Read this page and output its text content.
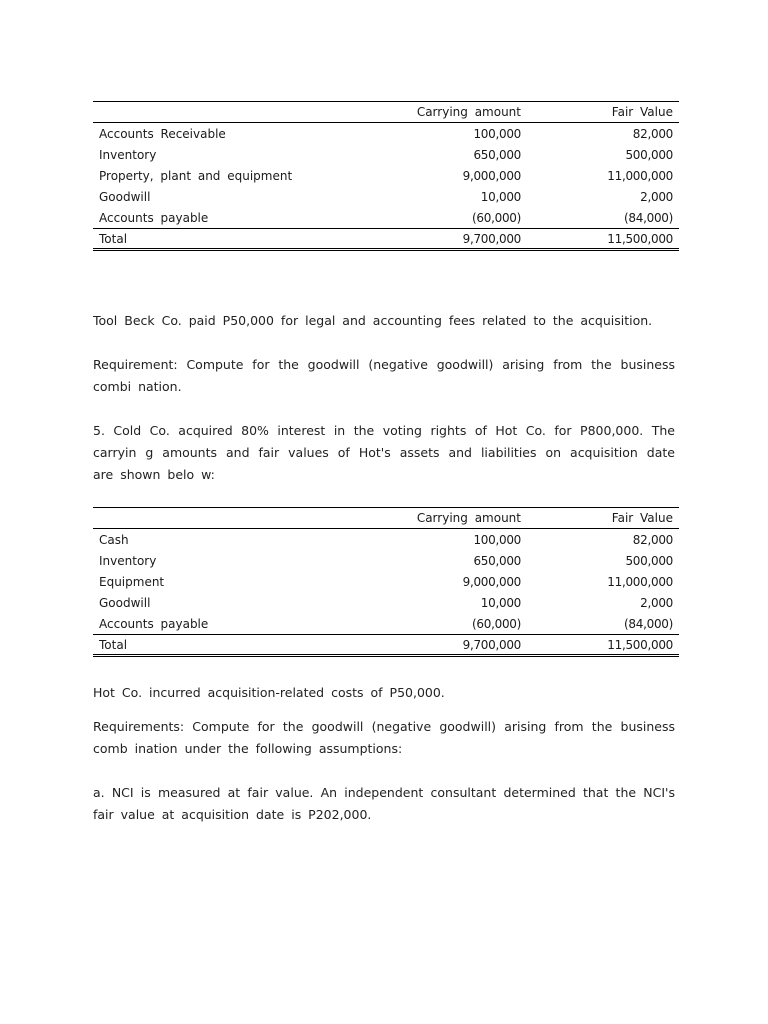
	Carrying amount	Fair Value
Accounts Receivable	100,000	82,000
Inventory	650,000	500,000
Property, plant and equipment	9,000,000	11,000,000
Goodwill	10,000	2,000
Accounts payable	(60,000)	(84,000)
Total	9,700,000	11,500,000

Tool Beck Co. paid P50,000 for legal and accounting fees related to the acquisition.

Requirement: Compute for the goodwill (negative goodwill) arising from the business combi nation.

5. Cold Co. acquired 80% interest in the voting rights of Hot Co. for P800,000. The carryin g amounts and fair values of Hot's assets and liabilities on acquisition date are shown belo w:

	Carrying amount	Fair Value
Cash	100,000	82,000
Inventory	650,000	500,000
Equipment	9,000,000	11,000,000
Goodwill	10,000	2,000
Accounts payable	(60,000)	(84,000)
Total	9,700,000	11,500,000

Hot Co. incurred acquisition-related costs of P50,000.

Requirements: Compute for the goodwill (negative goodwill) arising from the business comb ination under the following assumptions:

a. NCI is measured at fair value. An independent consultant determined that the NCI's fair value at acquisition date is P202,000.
